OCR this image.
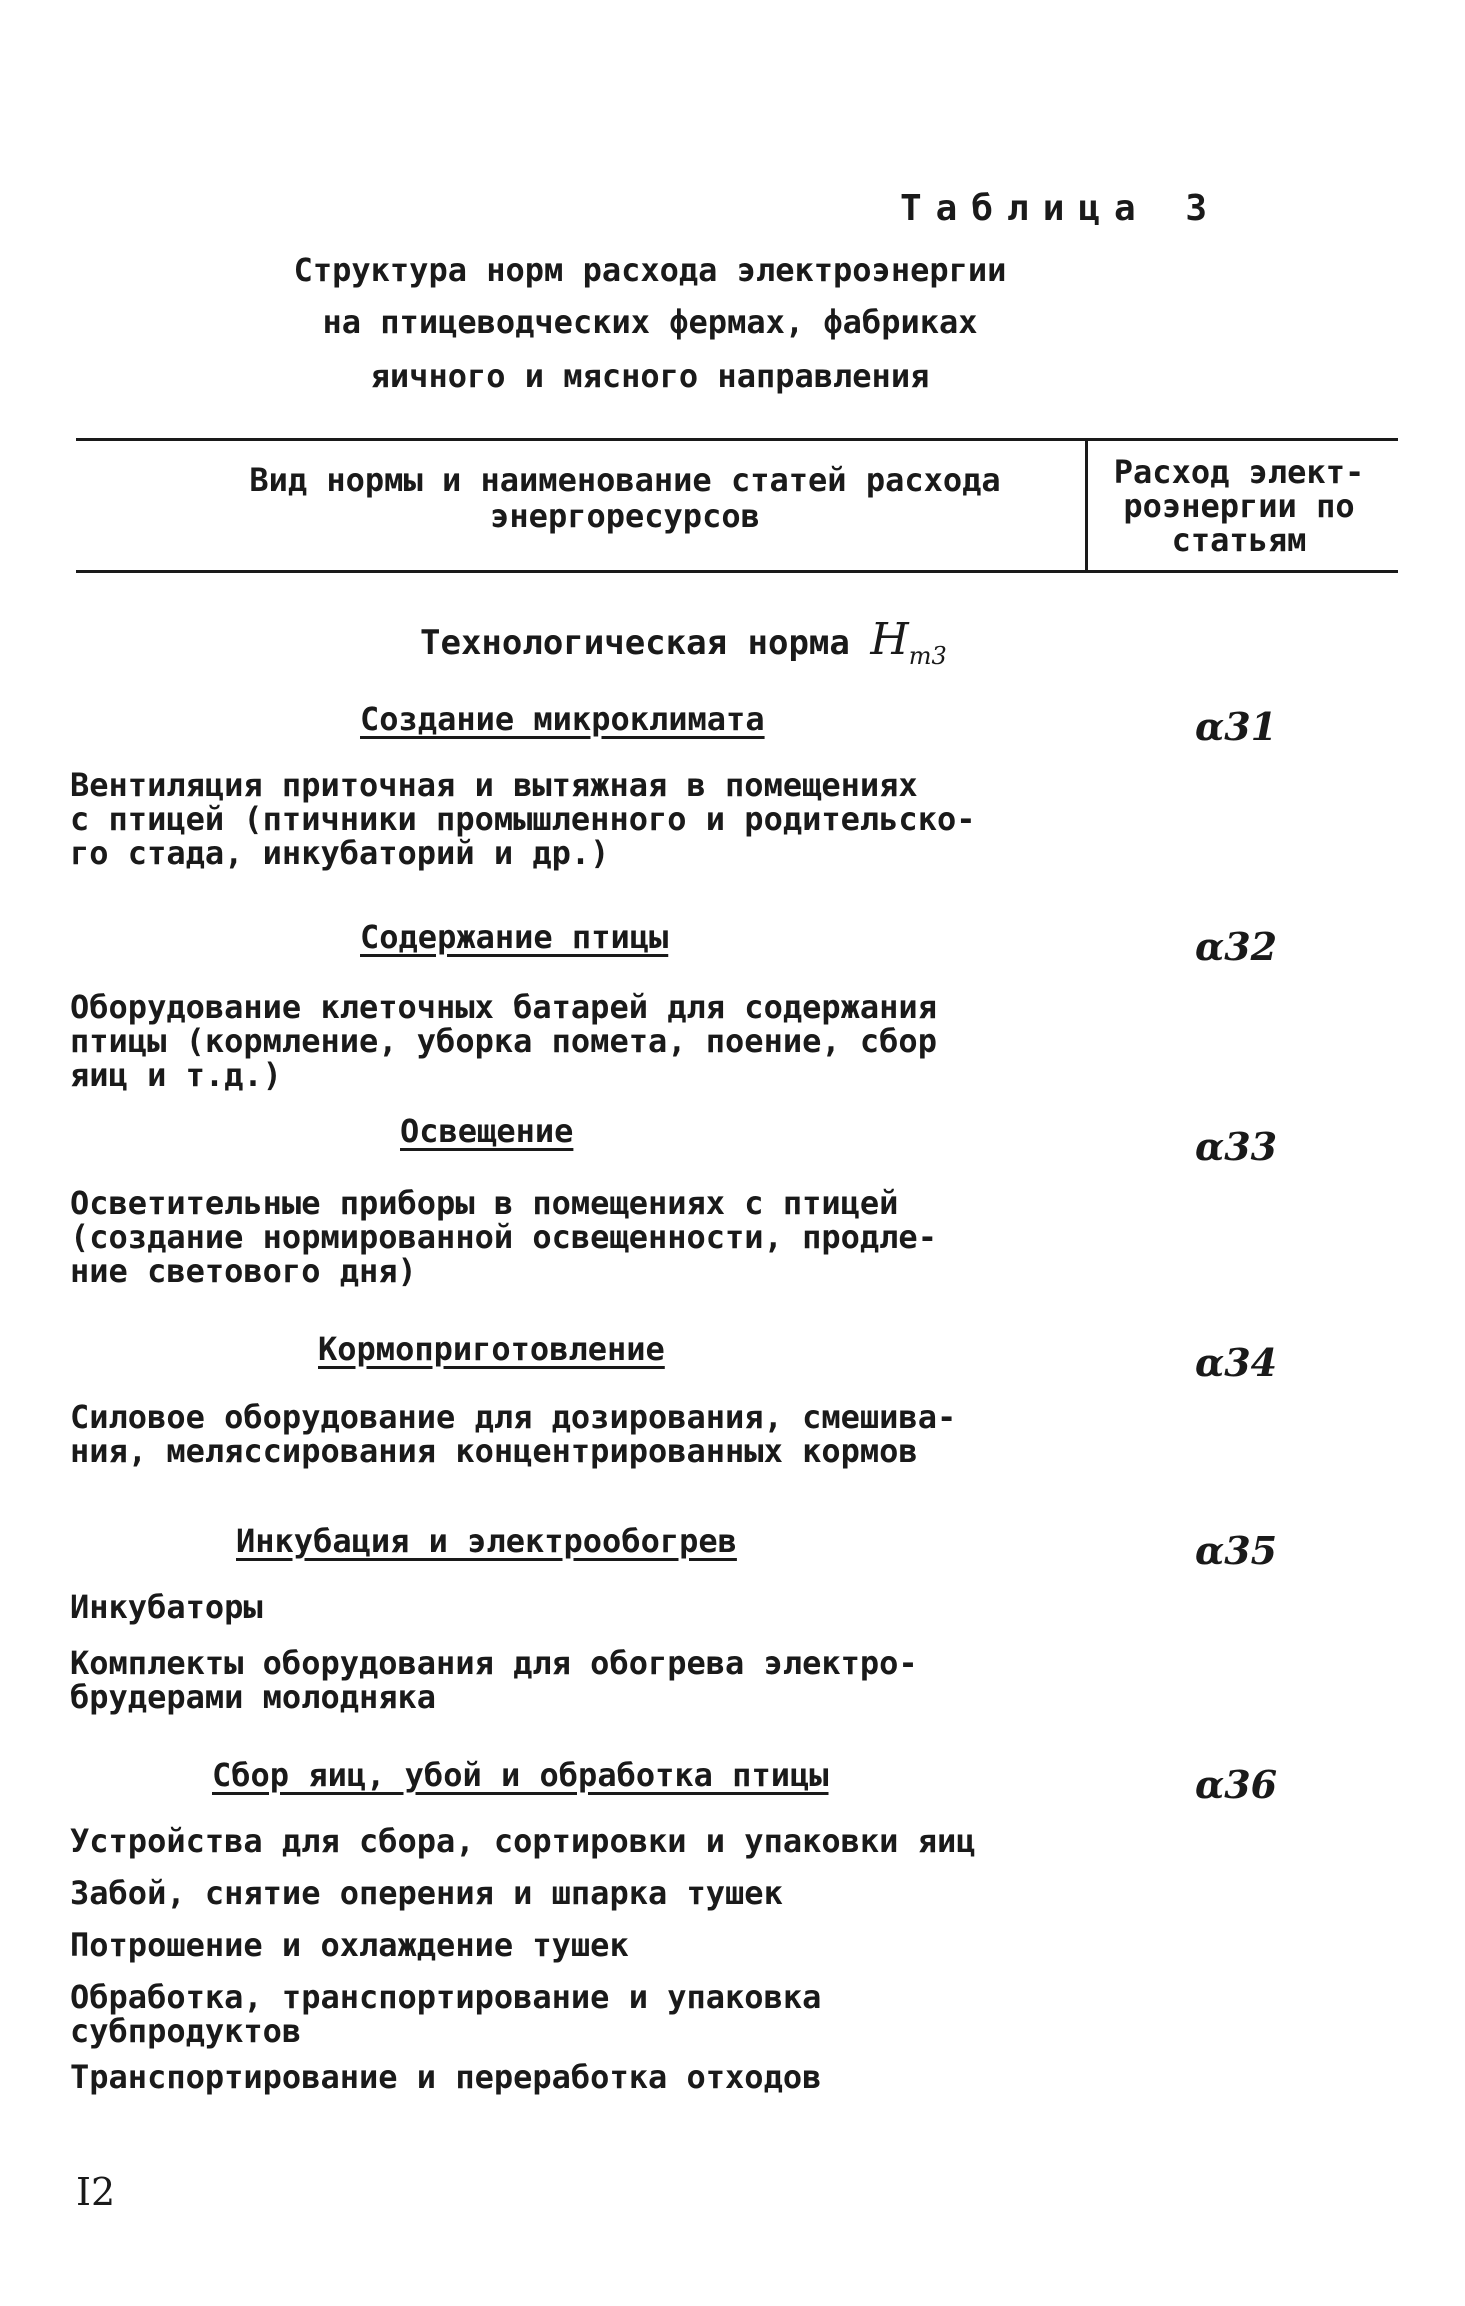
Таблица 3
Структура норм расхода электроэнергии
на птицеводческих фермах, фабриках
яичного и мясного направления
Вид нормы и наименование статей расхода энергоресурсов
Расход элект-роэнергии по статьям
Технологическая норма $Н_{т3}$
Создание микроклимата	α31
Вентиляция приточная и вытяжная в помещениях
с птицей (птичники промышленного и родительско-
го стада, инкубаторий и др.)
Содержание птицы	α32
Оборудование клеточных батарей для содержания
птицы (кормление, уборка помета, поение, сбор
яиц и т.д.)
Освещение	α33
Осветительные приборы в помещениях с птицей
(создание нормированной освещенности, продле-
ние светового дня)
Кормоприготовление	α34
Силовое оборудование для дозирования, смешива-
ния, мелясcирования концентрированных кормов
Инкубация и электрообогрев	α35
Инкубаторы
Комплекты оборудования для обогрева электро-
брудерами молодняка
Сбор яиц, убой и обработка птицы	α36
Устройства для сбора, сортировки и упаковки яиц
Забой, снятие оперения и шпарка тушек
Потрошение и охлаждение тушек
Обработка, транспортирование и упаковка
субпродуктов
Транспортирование и переработка отходов
I2
